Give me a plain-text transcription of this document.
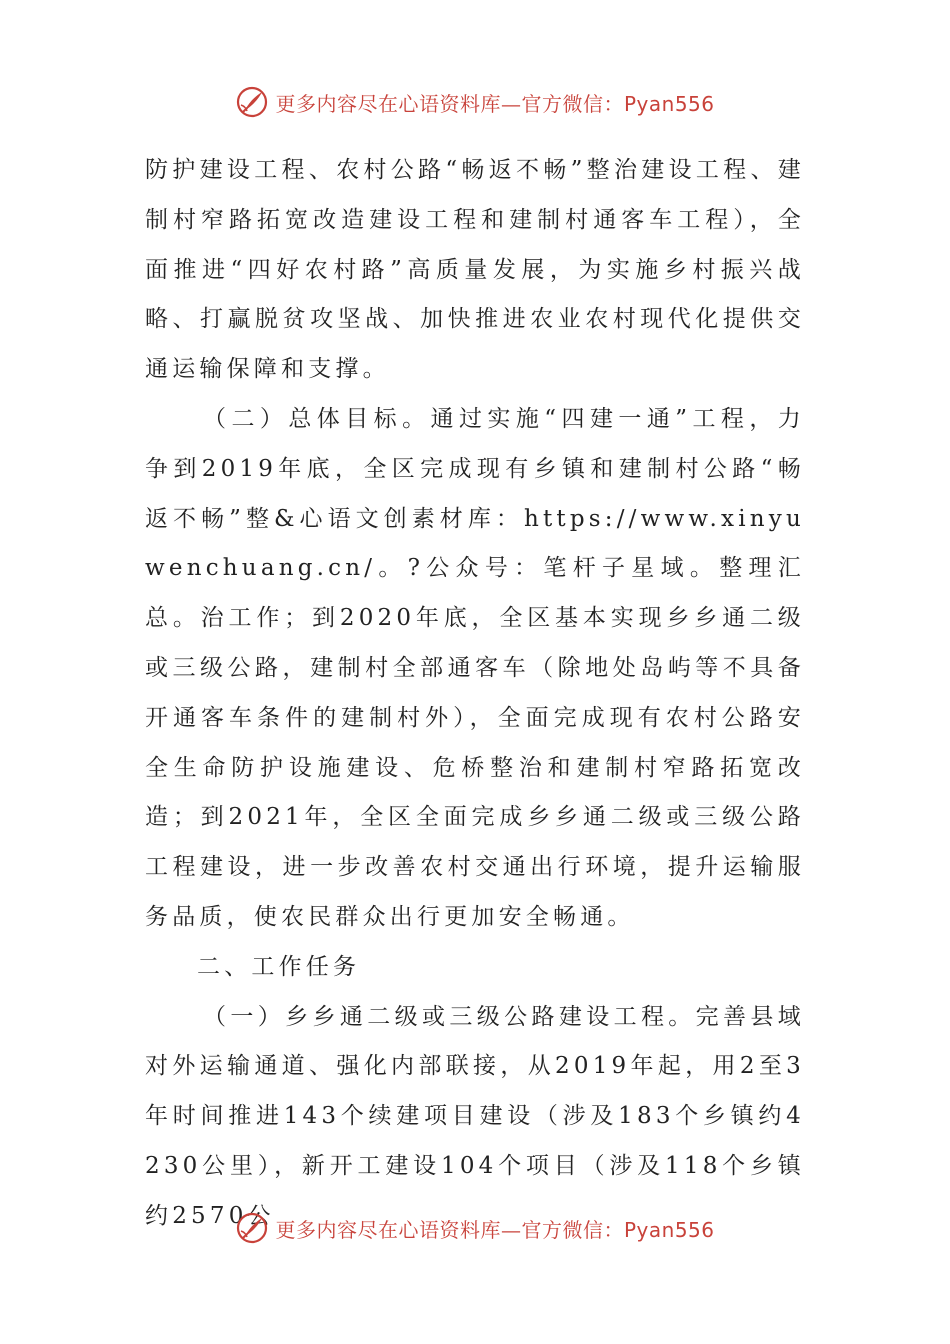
更多内容尽在心语资料库—官方微信：Pyan556

防护建设工程、农村公路“畅返不畅”整治建设工程、建制村窄路拓宽改造建设工程和建制村通客车工程），全面推进“四好农村路”高质量发展，为实施乡村振兴战略、打赢脱贫攻坚战、加快推进农业农村现代化提供交通运输保障和支撑。

（二）总体目标。通过实施“四建一通”工程，力争到2019年底，全区完成现有乡镇和建制村公路“畅返不畅”整&心语文创素材库：https://www.xinyuwenchuang.cn/。?公众号：笔杆子星域。整理汇总。治工作；到2020年底，全区基本实现乡乡通二级或三级公路，建制村全部通客车（除地处岛屿等不具备开通客车条件的建制村外），全面完成现有农村公路安全生命防护设施建设、危桥整治和建制村窄路拓宽改造；到2021年，全区全面完成乡乡通二级或三级公路工程建设，进一步改善农村交通出行环境，提升运输服务品质，使农民群众出行更加安全畅通。

二、工作任务

（一）乡乡通二级或三级公路建设工程。完善县域对外运输通道、强化内部联接，从2019年起，用2至3年时间推进143个续建项目建设（涉及183个乡镇约4230公里），新开工建设104个项目（涉及118个乡镇约2570公

更多内容尽在心语资料库—官方微信：Pyan556
